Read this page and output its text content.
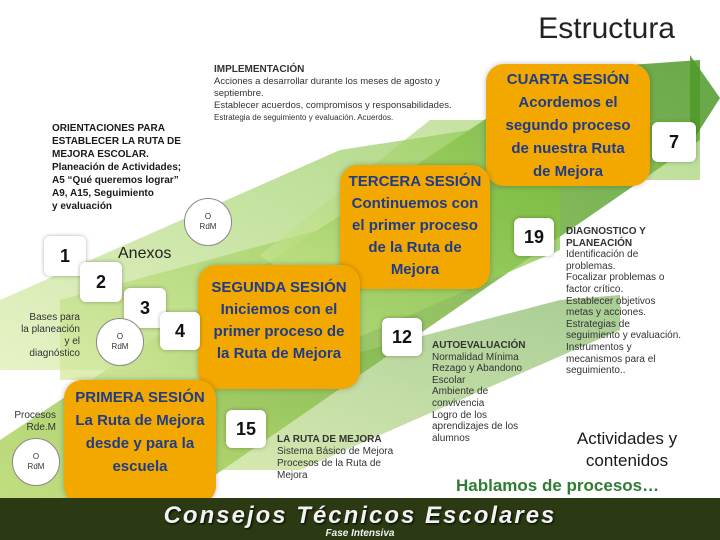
Estructura
IMPLEMENTACIÓN
Acciones a desarrollar durante los meses de agosto y
septiembre.
Establecer acuerdos, compromisos y responsabilidades.
Estrategia de seguimiento y evaluación. Acuerdos.
ORIENTACIONES PARA
ESTABLECER LA RUTA DE
MEJORA ESCOLAR.
Planeación de Actividades;
A5 “Qué queremos lograr”
A9, A15, Seguimiento
y evaluación
CUARTA SESIÓN
Acordemos el
segundo proceso
de nuestra Ruta
de Mejora
7
TERCERA SESIÓN
Continuemos con
el primer proceso
de la Ruta de
Mejora
19
SEGUNDA SESIÓN
Iniciemos con el
primer proceso de
la Ruta de Mejora
12
PRIMERA SESIÓN
La Ruta de Mejora
desde y para la
escuela
15
1	Anexos
2
3
4
O
RdM
O
RdM
O
RdM
Bases para
la planeación
y el
diagnóstico
Procesos
Rde.M
DIAGNOSTICO Y
PLANEACIÓN
Identificación de
problemas.
Focalizar problemas o
factor crítico.
Establecer objetivos
metas y acciones.
Estrategias de
seguimiento y evaluación.
Instrumentos y
mecanismos para el
seguimiento..
AUTOEVALUACIÓN
Normalidad Mínima
Rezago y Abandono
Escolar
Ambiente de
convivencia
Logro de los
aprendizajes de los
alumnos
LA RUTA DE MEJORA
Sistema Básico de Mejora
Procesos de la Ruta de
Mejora
Actividades y
contenidos
Hablamos de procesos…
Consejos Técnicos Escolares
Fase Intensiva
